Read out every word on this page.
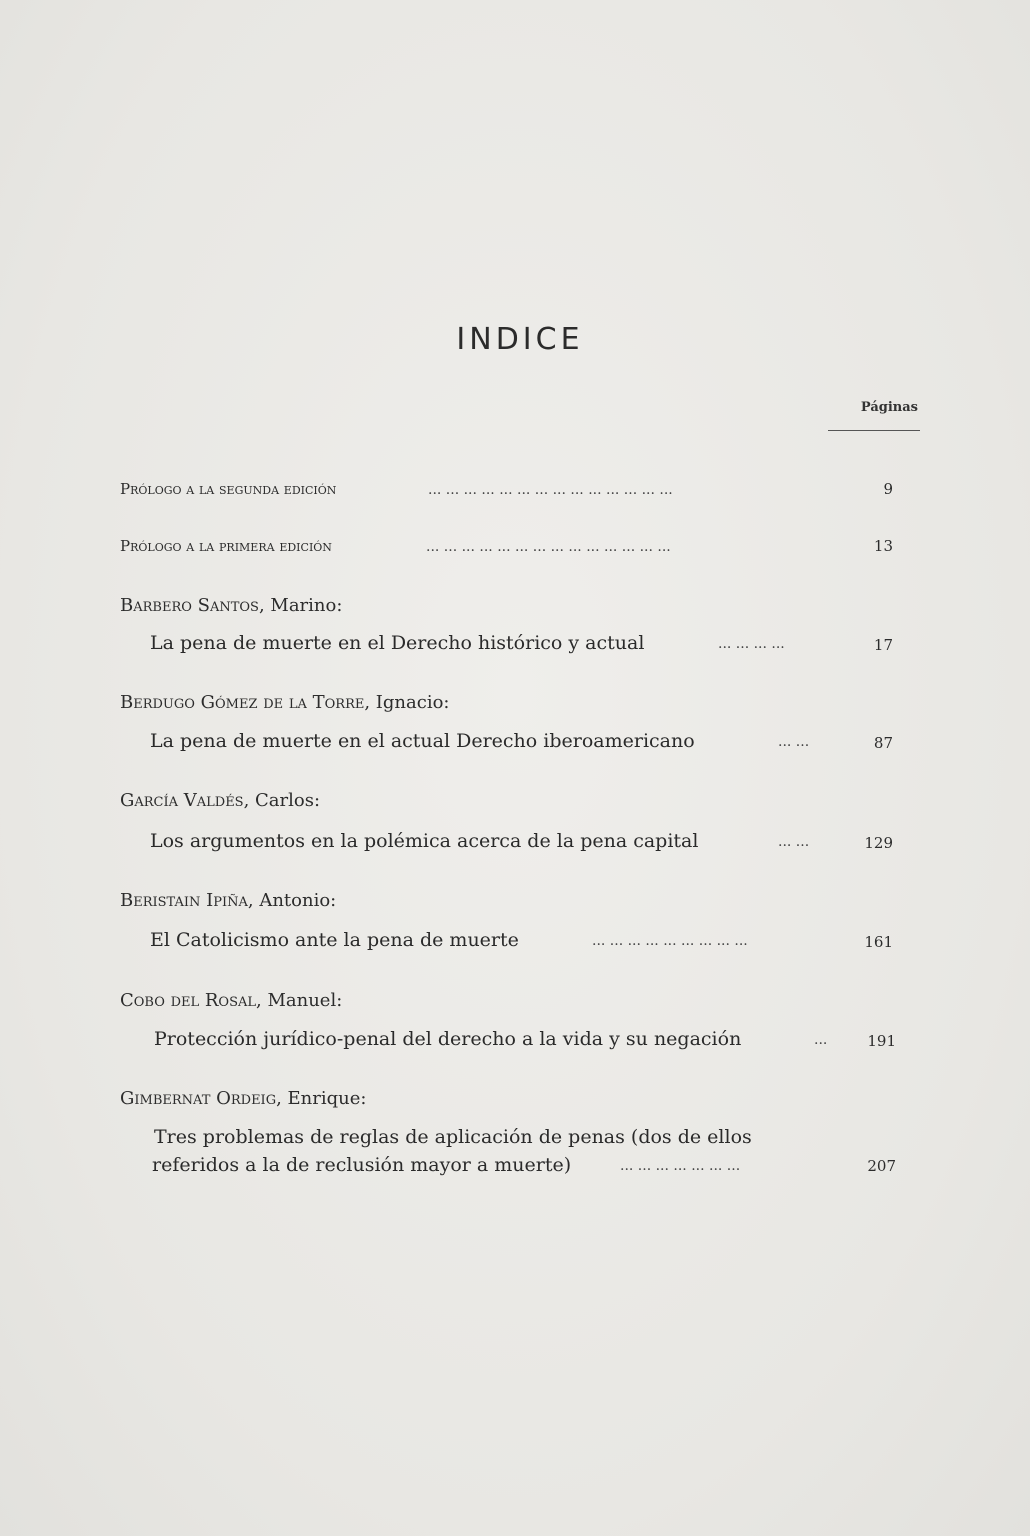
INDICE
Páginas
Prólogo a la segunda edición	... ... ... ... ... ... ... ... ... ... ... ... ... ...	9
Prólogo a la primera edición	... ... ... ... ... ... ... ... ... ... ... ... ... ...	13
Barbero Santos, Marino:
La pena de muerte en el Derecho histórico y actual	... ... ... ...	17
Berdugo Gómez de la Torre, Ignacio:
La pena de muerte en el actual Derecho iberoamericano	... ...	87
García Valdés, Carlos:
Los argumentos en la polémica acerca de la pena capital	... ...	129
Beristain Ipiña, Antonio:
El Catolicismo ante la pena de muerte	... ... ... ... ... ... ... ... ...	161
Cobo del Rosal, Manuel:
Protección jurídico-penal del derecho a la vida y su negación	...	191
Gimbernat Ordeig, Enrique:
Tres problemas de reglas de aplicación de penas (dos de ellos
referidos a la de reclusión mayor a muerte)	... ... ... ... ... ... ...	207
